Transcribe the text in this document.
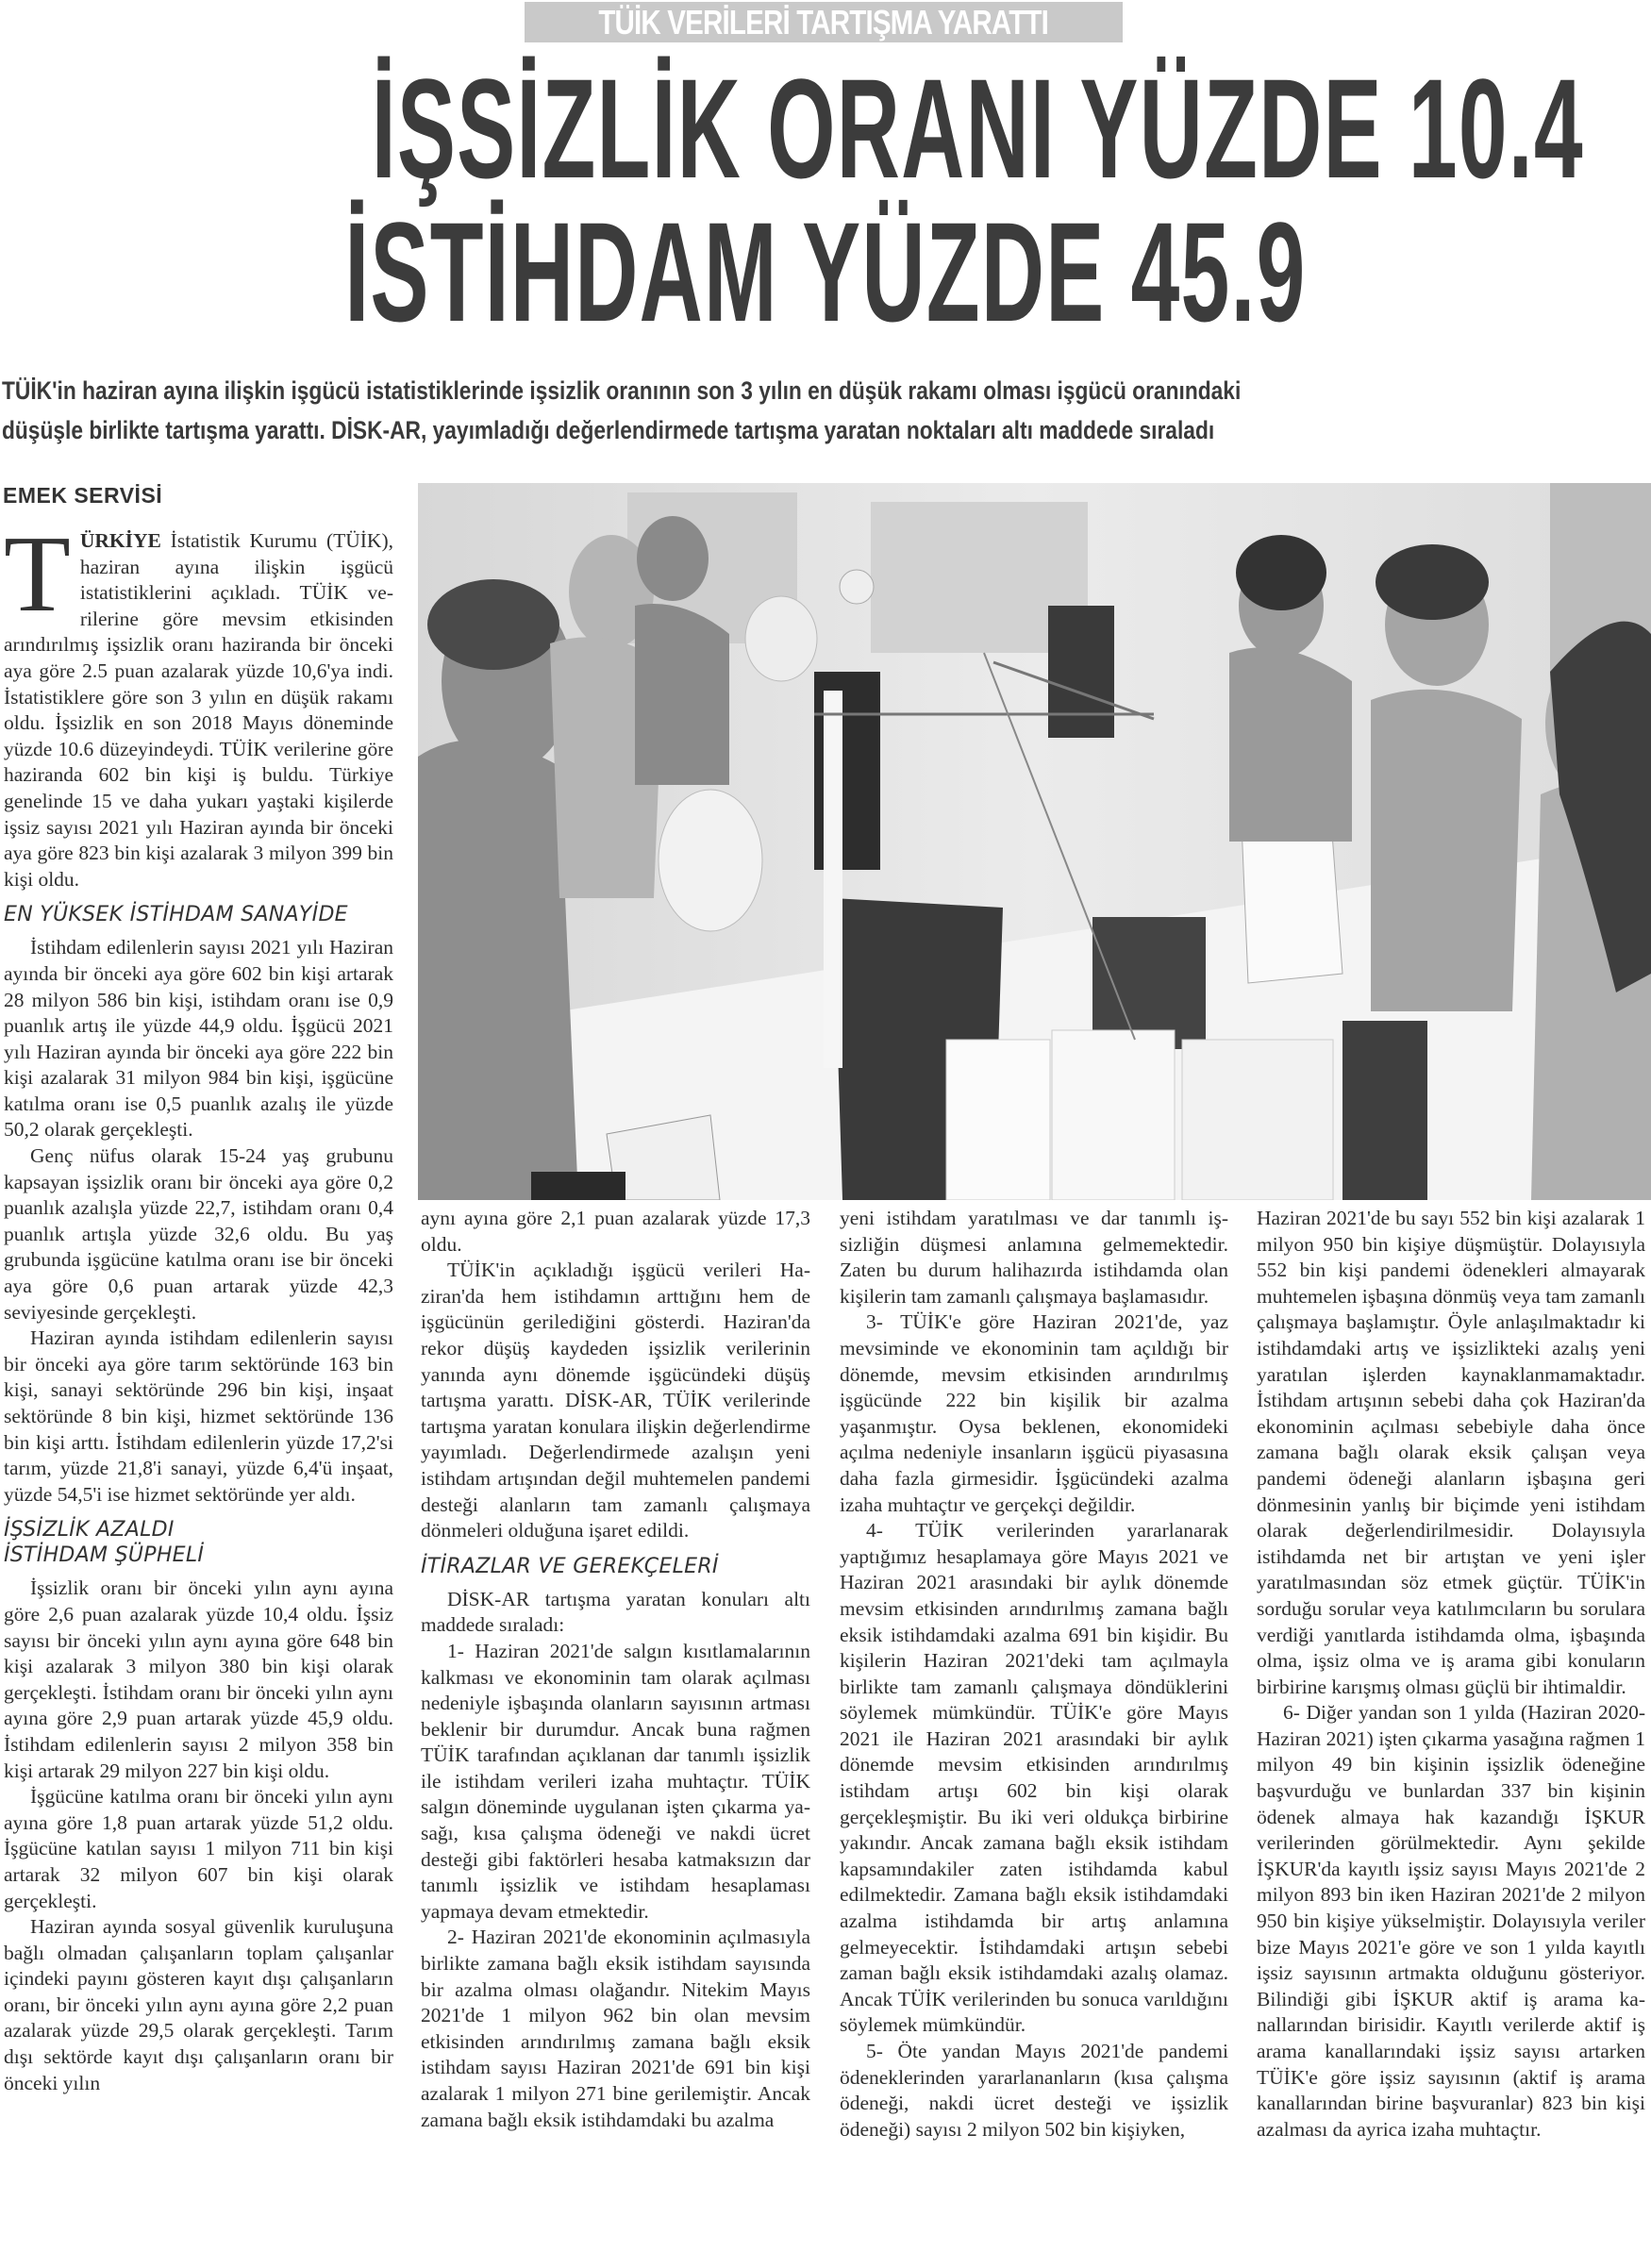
TÜİK VERİLERİ TARTIŞMA YARATTI
İŞSİZLİK ORANI YÜZDE 10.4
İSTİHDAM YÜZDE 45.9
TÜİK'in haziran ayına ilişkin işgücü istatistiklerinde işsizlik oranının son 3 yılın en düşük rakamı olması işgücü oranındaki
düşüşle birlikte tartışma yarattı. DİSK-AR, yayımladığı değerlendirmede tartışma yaratan noktaları altı maddede sıraladı
EMEK SERVİSİ

TÜRKİYE İstatistik Kurumu (TÜİK), haziran ayına ilişkin işgücü istatistiklerini açıkladı. TÜİK verilerine göre mevsim etkisinden arındırılmış işsizlik oranı haziranda bir önceki aya göre 2.5 puan azalarak yüzde 10,6'ya indi. İstatistiklere göre son 3 yılın en düşük rakamı oldu. İşsizlik en son 2018 Mayıs döneminde yüzde 10.6 düzeyindeydi. TÜİK verilerine göre haziranda 602 bin kişi iş buldu. Türkiye genelinde 15 ve daha yukarı yaştaki kişilerde işsiz sayısı 2021 yılı Haziran ayında bir önceki aya göre 823 bin kişi azalarak 3 milyon 399 bin kişi oldu.

EN YÜKSEK İSTİHDAM SANAYİDE

İstihdam edilenlerin sayısı 2021 yılı Haziran ayında bir önceki aya göre 602 bin kişi artarak 28 milyon 586 bin kişi, istihdam oranı ise 0,9 puanlık artış ile yüzde 44,9 oldu. İşgücü 2021 yılı Haziran ayında bir önceki aya göre 222 bin kişi azalarak 31 milyon 984 bin kişi, işgücüne katılma oranı ise 0,5 puanlık azalış ile yüzde 50,2 olarak gerçekleşti.

Genç nüfus olarak 15-24 yaş grubunu kapsayan işsizlik oranı bir önceki aya göre 0,2 puanlık azalışla yüzde 22,7, istihdam oranı 0,4 puanlık artışla yüzde 32,6 oldu. Bu yaş grubunda işgücüne katılma oranı ise bir önceki aya göre 0,6 puan artarak yüzde 42,3 seviyesinde gerçekleşti.

Haziran ayında istihdam edilenlerin sayısı bir önceki aya göre tarım sektöründe 163 bin kişi, sanayi sektöründe 296 bin kişi, inşaat sektöründe 8 bin kişi, hizmet sektöründe 136 bin kişi arttı. İstihdam edilenlerin yüzde 17,2'si tarım, yüzde 21,8'i sanayi, yüzde 6,4'ü inşaat, yüzde 54,5'i ise hizmet sektöründe yer aldı.

İŞSİZLİK AZALDI
İSTİHDAM ŞÜPHELİ

İşsizlik oranı bir önceki yılın aynı ayına göre 2,6 puan azalarak yüzde 10,4 oldu. İşsiz sayısı bir önceki yılın aynı ayına göre 648 bin kişi azalarak 3 milyon 380 bin kişi olarak gerçekleşti. İstihdam oranı bir önceki yılın aynı ayına göre 2,9 puan artarak yüzde 45,9 oldu. İstihdam edilenlerin sayısı 2 milyon 358 bin kişi artarak 29 milyon 227 bin kişi oldu.

İşgücüne katılma oranı bir önceki yılın aynı ayına göre 1,8 puan artarak yüzde 51,2 oldu. İşgücüne katılan sayısı 1 milyon 711 bin kişi artarak 32 milyon 607 bin kişi olarak gerçekleşti.

Haziran ayında sosyal güvenlik kuruluşuna bağlı olmadan çalışanların toplam çalışanlar içindeki payını gösteren kayıt dışı çalışanların oranı, bir önceki yılın aynı ayına göre 2,2 puan azalarak yüzde 29,5 olarak gerçekleşti. Tarım dışı sektörde kayıt dışı çalışanların oranı bir önceki yılın

aynı ayına göre 2,1 puan azalarak yüzde 17,3 oldu.

TÜİK'in açıkladığı işgücü verileri Haziran'da hem istihdamın arttığını hem de işgücünün gerilediğini gösterdi. Haziran'da rekor düşüş kaydeden işsizlik verilerinin yanında aynı dönemde işgücündeki düşüş tartışma yarattı. DİSK-AR, TÜİK verilerinde tartışma yaratan konulara ilişkin değerlendirme yayımladı. Değerlendirmede azalışın yeni istihdam artışından değil muhtemelen pandemi desteği alanların tam zamanlı çalışmaya dönmeleri olduğuna işaret edildi.

İTİRAZLAR VE GEREKÇELERİ

DİSK-AR tartışma yaratan konuları altı maddede sıraladı:

1- Haziran 2021'de salgın kısıtlamalarının kalkması ve ekonominin tam olarak açılması nedeniyle işbaşında olanların sayısının artması beklenir bir durumdur. Ancak buna rağmen TÜİK tarafından açıklanan dar tanımlı işsizlik ile istihdam verileri izaha muhtaçtır. TÜİK salgın döneminde uygulanan işten çıkarma yasağı, kısa çalışma ödeneği ve nakdi ücret desteği gibi faktörleri hesaba katmaksızın dar tanımlı işsizlik ve istihdam hesaplaması yapmaya devam etmektedir.

2- Haziran 2021'de ekonominin açılmasıyla birlikte zamana bağlı eksik istihdam sayısında bir azalma olması olağandır. Nitekim Mayıs 2021'de 1 milyon 962 bin olan mevsim etkisinden arındırılmış zamana bağlı eksik istihdam sayısı Haziran 2021'de 691 bin kişi azalarak 1 milyon 271 bine gerilemiştir. Ancak zamana bağlı eksik istihdamdaki bu azalma

yeni istihdam yaratılması ve dar tanımlı işsizliğin düşmesi anlamına gelmemektedir. Zaten bu durum halihazırda istihdamda olan kişilerin tam zamanlı çalışmaya başlamasıdır.

3- TÜİK'e göre Haziran 2021'de, yaz mevsiminde ve ekonominin tam açıldığı bir dönemde, mevsim etkisinden arındırılmış işgücünde 222 bin kişilik bir azalma yaşanmıştır. Oysa beklenen, ekonomideki açılma nedeniyle insanların işgücü piyasasına daha fazla girmesidir. İşgücündeki azalma izaha muhtaçtır ve gerçekçi değildir.

4- TÜİK verilerinden yararlanarak yaptığımız hesaplamaya göre Mayıs 2021 ve Haziran 2021 arasındaki bir aylık dönemde mevsim etkisinden arındırılmış zamana bağlı eksik istihdamdaki azalma 691 bin kişidir. Bu kişilerin Haziran 2021'deki tam açılmayla birlikte tam zamanlı çalışmaya döndüklerini söylemek mümkündür. TÜİK'e göre Mayıs 2021 ile Haziran 2021 arasındaki bir aylık dönemde mevsim etkisinden arındırılmış istihdam artışı 602 bin kişi olarak gerçekleşmiştir. Bu iki veri oldukça birbirine yakındır. Ancak zamana bağlı eksik istihdam kapsamındakiler zaten istihdamda kabul edilmektedir. Zamana bağlı eksik istihdamdaki azalma istihdamda bir artış anlamına gelmeyecektir. İstihdamdaki artışın sebebi zaman bağlı eksik istihdamdaki azalış olamaz. Ancak TÜİK verilerinden bu sonuca varıldığını söylemek mümkündür.

5- Öte yandan Mayıs 2021'de pandemi ödeneklerinden yararlananların (kısa çalışma ödeneği, nakdi ücret desteği ve işsizlik ödeneği) sayısı 2 milyon 502 bin kişiyken,

Haziran 2021'de bu sayı 552 bin kişi azalarak 1 milyon 950 bin kişiye düşmüştür. Dolayısıyla 552 bin kişi pandemi ödenekleri almayarak muhtemelen işbaşına dönmüş veya tam zamanlı çalışmaya başlamıştır. Öyle anlaşılmaktadır ki istihdamdaki artış ve işsizlikteki azalış yeni yaratılan işlerden kaynaklanmamaktadır. İstihdam artışının sebebi daha çok Haziran'da ekonominin açılması sebebiyle daha önce zamana bağlı olarak eksik çalışan veya pandemi ödeneği alanların işbaşına geri dönmesinin yanlış bir biçimde yeni istihdam olarak değerlendirilmesidir. Dolayısıyla istihdamda net bir artıştan ve yeni işler yaratılmasından söz etmek güçtür. TÜİK'in sorduğu sorular veya katılımcıların bu sorulara verdiği yanıtlarda istihdamda olma, işbaşında olma, işsiz olma ve iş arama gibi konuların birbirine karışmış olması güçlü bir ihtimaldir.

6- Diğer yandan son 1 yılda (Haziran 2020-Haziran 2021) işten çıkarma yasağına rağmen 1 milyon 49 bin kişinin işsizlik ödeneğine başvurduğu ve bunlardan 337 bin kişinin ödenek almaya hak kazandığı İŞKUR verilerinden görülmektedir. Aynı şekilde İŞKUR'da kayıtlı işsiz sayısı Mayıs 2021'de 2 milyon 893 bin iken Haziran 2021'de 2 milyon 950 bin kişiye yükselmiştir. Dolayısıyla veriler bize Mayıs 2021'e göre ve son 1 yılda kayıtlı işsiz sayısının artmakta olduğunu gösteriyor. Bilindiği gibi İŞKUR aktif iş arama kanallarından birisidir. Kayıtlı verilerde aktif iş arama kanallarındaki işsiz sayısı artarken TÜİK'e göre işsiz sayısının (aktif iş arama kanallarından birine başvuranlar) 823 bin kişi azalması da ayrica izaha muhtaçtır.
